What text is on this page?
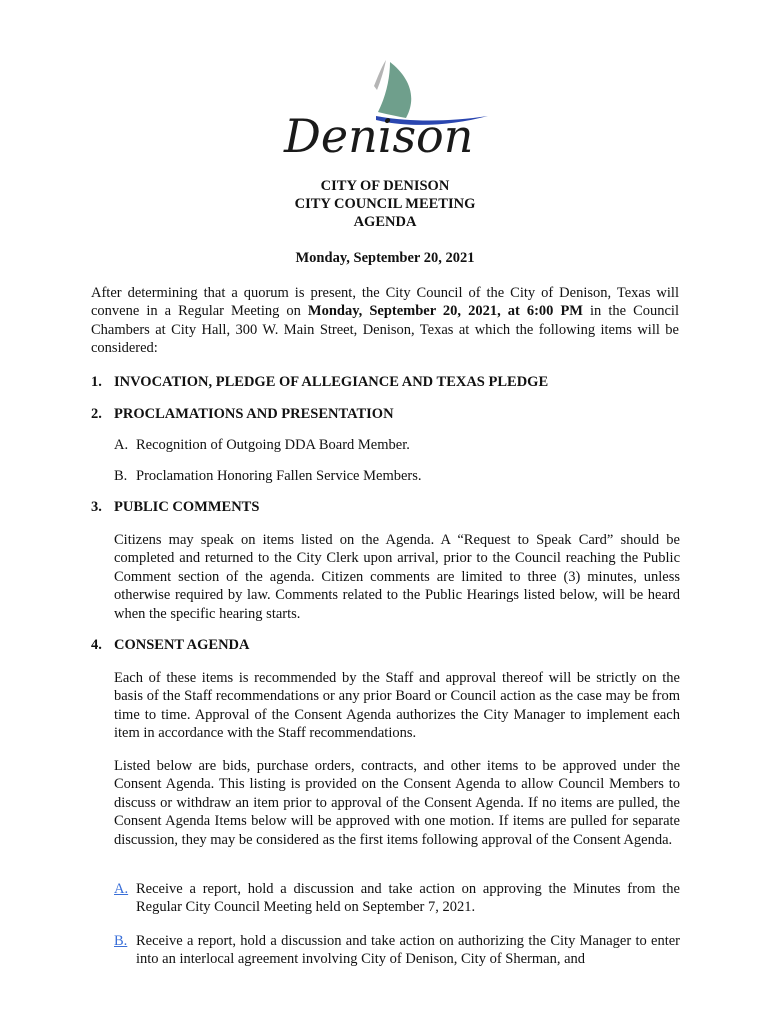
Denison
CITY OF DENISON
CITY COUNCIL MEETING
AGENDA
Monday, September 20, 2021
After determining that a quorum is present, the City Council of the City of Denison, Texas will convene in a Regular Meeting on Monday, September 20, 2021, at 6:00 PM in the Council Chambers at City Hall, 300 W. Main Street, Denison, Texas at which the following items will be considered:
1. INVOCATION, PLEDGE OF ALLEGIANCE AND TEXAS PLEDGE
2. PROCLAMATIONS AND PRESENTATION
A. Recognition of Outgoing DDA Board Member.
B. Proclamation Honoring Fallen Service Members.
3. PUBLIC COMMENTS
Citizens may speak on items listed on the Agenda. A “Request to Speak Card” should be completed and returned to the City Clerk upon arrival, prior to the Council reaching the Public Comment section of the agenda. Citizen comments are limited to three (3) minutes, unless otherwise required by law. Comments related to the Public Hearings listed below, will be heard when the specific hearing starts.
4. CONSENT AGENDA
Each of these items is recommended by the Staff and approval thereof will be strictly on the basis of the Staff recommendations or any prior Board or Council action as the case may be from time to time. Approval of the Consent Agenda authorizes the City Manager to implement each item in accordance with the Staff recommendations.
Listed below are bids, purchase orders, contracts, and other items to be approved under the Consent Agenda. This listing is provided on the Consent Agenda to allow Council Members to discuss or withdraw an item prior to approval of the Consent Agenda. If no items are pulled, the Consent Agenda Items below will be approved with one motion. If items are pulled for separate discussion, they may be considered as the first items following approval of the Consent Agenda.
A. Receive a report, hold a discussion and take action on approving the Minutes from the Regular City Council Meeting held on September 7, 2021.
B. Receive a report, hold a discussion and take action on authorizing the City Manager to enter into an interlocal agreement involving City of Denison, City of Sherman, and
